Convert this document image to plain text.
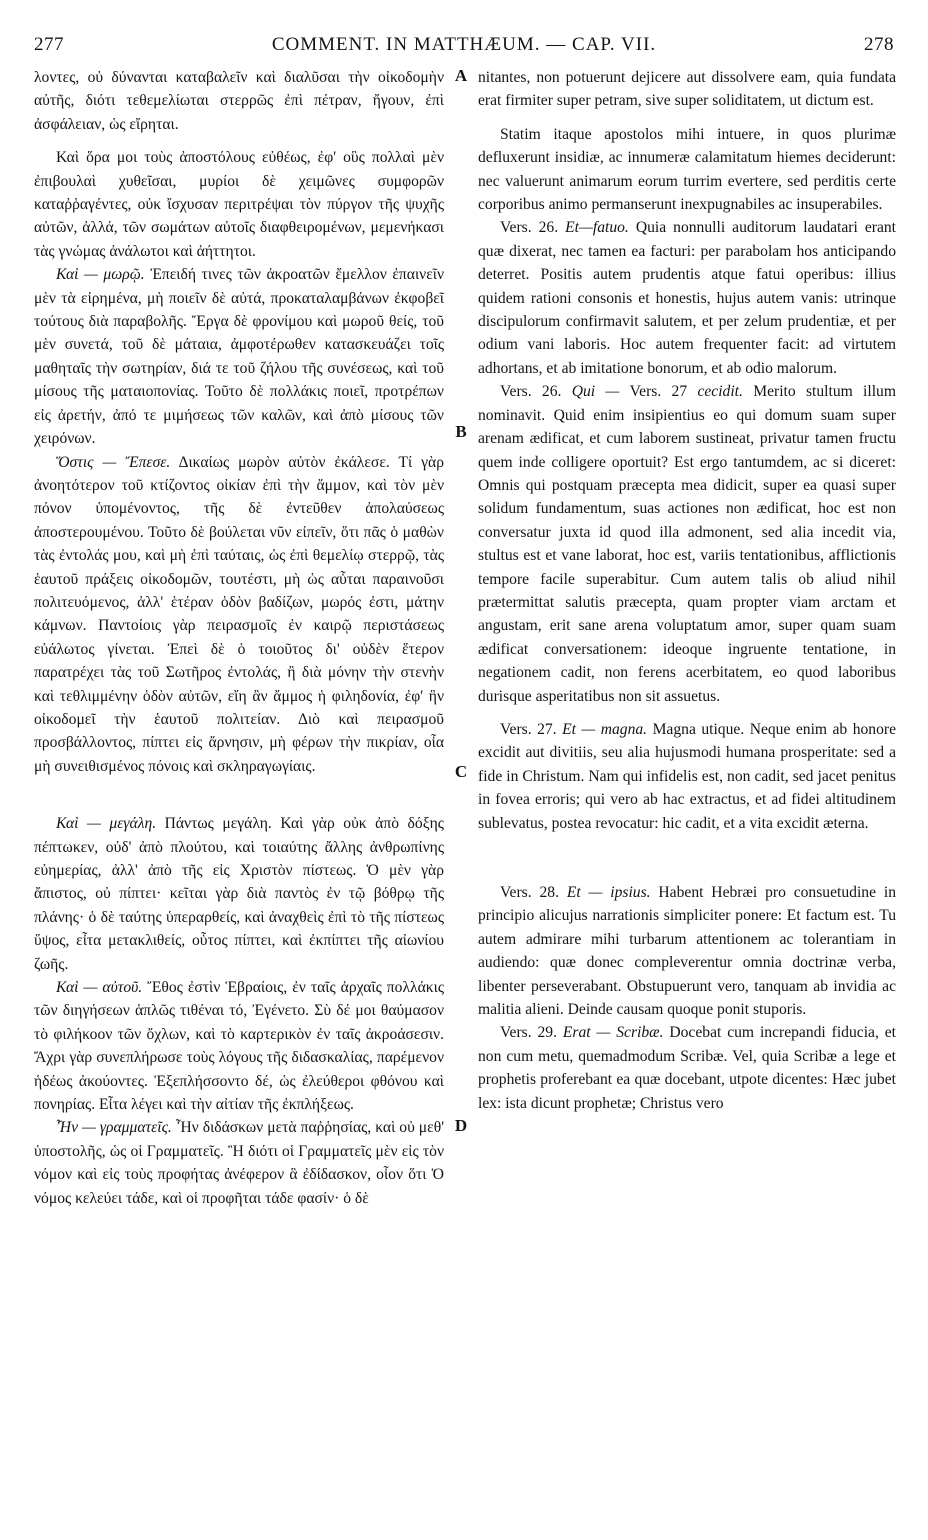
277	COMMENT. IN MATTHÆUM. — CAP. VII.	278
A
B
C
D

λοντες, οὐ δύνανται καταβαλεῖν καὶ διαλῦσαι τὴν οἰκοδομὴν αὐτῆς, διότι τεθεμελίωται στερρῶς ἐπὶ πέτραν, ἤγουν, ἐπὶ ἀσφάλειαν, ὡς εἴρηται.

Καὶ ὅρα μοι τοὺς ἀποστόλους εὐθέως, ἐφ' οὓς πολλαὶ μὲν ἐπιβουλαὶ χυθεῖσαι, μυρίοι δὲ χειμῶνες συμφορῶν καταῤῥαγέντες, οὐκ ἴσχυσαν περιτρέψαι τὸν πύργον τῆς ψυχῆς αὐτῶν, ἀλλά, τῶν σωμάτων αὐτοῖς διαφθειρομένων, μεμενήκασι τὰς γνώμας ἀνάλωτοι καὶ ἀήττητοι.

Καὶ — μωρῷ. Ἐπειδή τινες τῶν ἀκροατῶν ἔμελλον ἐπαινεῖν μὲν τὰ εἰρημένα, μὴ ποιεῖν δὲ αὐτά, προκαταλαμβάνων ἐκφοβεῖ τούτους διὰ παραβολῆς. Ἔργα δὲ φρονίμου καὶ μωροῦ θείς, τοῦ μὲν συνετά, τοῦ δὲ μάταια, ἀμφοτέρωθεν κατασκευάζει τοῖς μαθηταῖς τὴν σωτηρίαν, διά τε τοῦ ζήλου τῆς συνέσεως, καὶ τοῦ μίσους τῆς ματαιοπονίας. Τοῦτο δὲ πολλάκις ποιεῖ, προτρέπων εἰς ἀρετήν, ἀπό τε μιμήσεως τῶν καλῶν, καὶ ἀπὸ μίσους τῶν χειρόνων.

Ὅστις — Ἔπεσε. Δικαίως μωρὸν αὐτὸν ἐκάλεσε. Τί γὰρ ἀνοητότερον τοῦ κτίζοντος οἰκίαν ἐπὶ τὴν ἄμμον, καὶ τὸν μὲν πόνον ὑπομένοντος, τῆς δὲ ἐντεῦθεν ἀπολαύσεως ἀποστερουμένου. Τοῦτο δὲ βούλεται νῦν εἰπεῖν, ὅτι πᾶς ὁ μαθὼν τὰς ἐντολάς μου, καὶ μὴ ἐπὶ ταύταις, ὡς ἐπὶ θεμελίῳ στερρῷ, τὰς ἑαυτοῦ πράξεις οἰκοδομῶν, τουτέστι, μὴ ὡς αὗται παραινοῦσι πολιτευόμενος, ἀλλ' ἑτέραν ὁδὸν βαδίζων, μωρός ἐστι, μάτην κάμνων. Παντοίοις γὰρ πειρασμοῖς ἐν καιρῷ περιστάσεως εὐάλωτος γίνεται. Ἐπεὶ δὲ ὁ τοιοῦτος δι' οὐδὲν ἕτερον παρατρέχει τὰς τοῦ Σωτῆρος ἐντολάς, ἢ διὰ μόνην τὴν στενὴν καὶ τεθλιμμένην ὁδὸν αὐτῶν, εἴη ἂν ἄμμος ἡ φιληδονία, ἐφ' ἣν οἰκοδομεῖ τὴν ἑαυτοῦ πολιτείαν. Διὸ καὶ πειρασμοῦ προσβάλλοντος, πίπτει εἰς ἄρνησιν, μὴ φέρων τὴν πικρίαν, οἷα μὴ συνειθισμένος πόνοις καὶ σκληραγωγίαις.

Καὶ — μεγάλη. Πάντως μεγάλη. Καὶ γὰρ οὐκ ἀπὸ δόξης πέπτωκεν, οὐδ' ἀπὸ πλούτου, καὶ τοιαύτης ἄλλης ἀνθρωπίνης εὐημερίας, ἀλλ' ἀπὸ τῆς εἰς Χριστὸν πίστεως. Ὁ μὲν γὰρ ἄπιστος, οὐ πίπτει· κεῖται γὰρ διὰ παντὸς ἐν τῷ βόθρῳ τῆς πλάνης· ὁ δὲ ταύτης ὑπεραρθείς, καὶ ἀναχθεὶς ἐπὶ τὸ τῆς πίστεως ὕψος, εἶτα μετακλιθείς, οὗτος πίπτει, καὶ ἐκπίπτει τῆς αἰωνίου ζωῆς.

Καὶ — αὐτοῦ. Ἔθος ἐστὶν Ἑβραίοις, ἐν ταῖς ἀρχαῖς πολλάκις τῶν διηγήσεων ἁπλῶς τιθέναι τό, Ἐγένετο. Σὺ δέ μοι θαύμασον τὸ φιλήκοον τῶν ὄχλων, καὶ τὸ καρτερικὸν ἐν ταῖς ἀκροάσεσιν. Ἄχρι γὰρ συνεπλήρωσε τοὺς λόγους τῆς διδασκαλίας, παρέμενον ἡδέως ἀκούοντες. Ἐξεπλήσσοντο δέ, ὡς ἐλεύθεροι φθόνου καὶ πονηρίας. Εἶτα λέγει καὶ τὴν αἰτίαν τῆς ἐκπλήξεως.

Ἦν — γραμματεῖς. Ἦν διδάσκων μετὰ παῤῥησίας, καὶ οὐ μεθ' ὑποστολῆς, ὡς οἱ Γραμματεῖς. Ἢ διότι οἱ Γραμματεῖς μὲν εἰς τὸν νόμον καὶ εἰς τοὺς προφήτας ἀνέφερον ἃ ἐδίδασκον, οἷον ὅτι Ὁ νόμος κελεύει τάδε, καὶ οἱ προφῆται τάδε φασίν· ὁ δὲ

nitantes, non potuerunt dejicere aut dissolvere eam, quia fundata erat firmiter super petram, sive super soliditatem, ut dictum est.

Statim itaque apostolos mihi intuere, in quos plurimæ defluxerunt insidiæ, ac innumeræ calamitatum hiemes deciderunt: nec valuerunt animarum eorum turrim evertere, sed perditis certe corporibus animo permanserunt inexpugnabiles ac insuperabiles.

Vers. 26. Et—fatuo. Quia nonnulli auditorum laudatari erant quæ dixerat, nec tamen ea facturi: per parabolam hos anticipando deterret. Positis autem prudentis atque fatui operibus: illius quidem rationi consonis et honestis, hujus autem vanis: utrinque discipulorum confirmavit salutem, et per zelum prudentiæ, et per odium vani laboris. Hoc autem frequenter facit: ad virtutem adhortans, et ab imitatione bonorum, et ab odio malorum.

Vers. 26. Qui — Vers. 27 cecidit. Merito stultum illum nominavit. Quid enim insipientius eo qui domum suam super arenam ædificat, et cum laborem sustineat, privatur tamen fructu quem inde colligere oportuit? Est ergo tantumdem, ac si diceret: Omnis qui postquam præcepta mea didicit, super ea quasi super solidum fundamentum, suas actiones non ædificat, hoc est non conversatur juxta id quod illa admonent, sed alia incedit via, stultus est et vane laborat, hoc est, variis tentationibus, afflictionis tempore facile superabitur. Cum autem talis ob aliud nihil prætermittat salutis præcepta, quam propter viam arctam et angustam, erit sane arena voluptatum amor, super quam suam ædificat conversationem: ideoque ingruente tentatione, in negationem cadit, non ferens acerbitatem, eo quod laboribus durisque asperitatibus non sit assuetus.

Vers. 27. Et — magna. Magna utique. Neque enim ab honore excidit aut divitiis, seu alia hujusmodi humana prosperitate: sed a fide in Christum. Nam qui infidelis est, non cadit, sed jacet penitus in fovea erroris; qui vero ab hac extractus, et ad fidei altitudinem sublevatus, postea revocatur: hic cadit, et a vita excidit æterna.

Vers. 28. Et — ipsius. Habent Hebræi pro consuetudine in principio alicujus narrationis simpliciter ponere: Et factum est. Tu autem admirare mihi turbarum attentionem ac tolerantiam in audiendo: quæ donec compleverentur omnia doctrinæ verba, libenter perseverabant. Obstupuerunt vero, tanquam ab invidia ac malitia alieni. Deinde causam quoque ponit stuporis.

Vers. 29. Erat — Scribæ. Docebat cum increpandi fiducia, et non cum metu, quemadmodum Scribæ. Vel, quia Scribæ a lege et prophetis proferebant ea quæ docebant, utpote dicentes: Hæc jubet lex: ista dicunt prophetæ; Christus vero
